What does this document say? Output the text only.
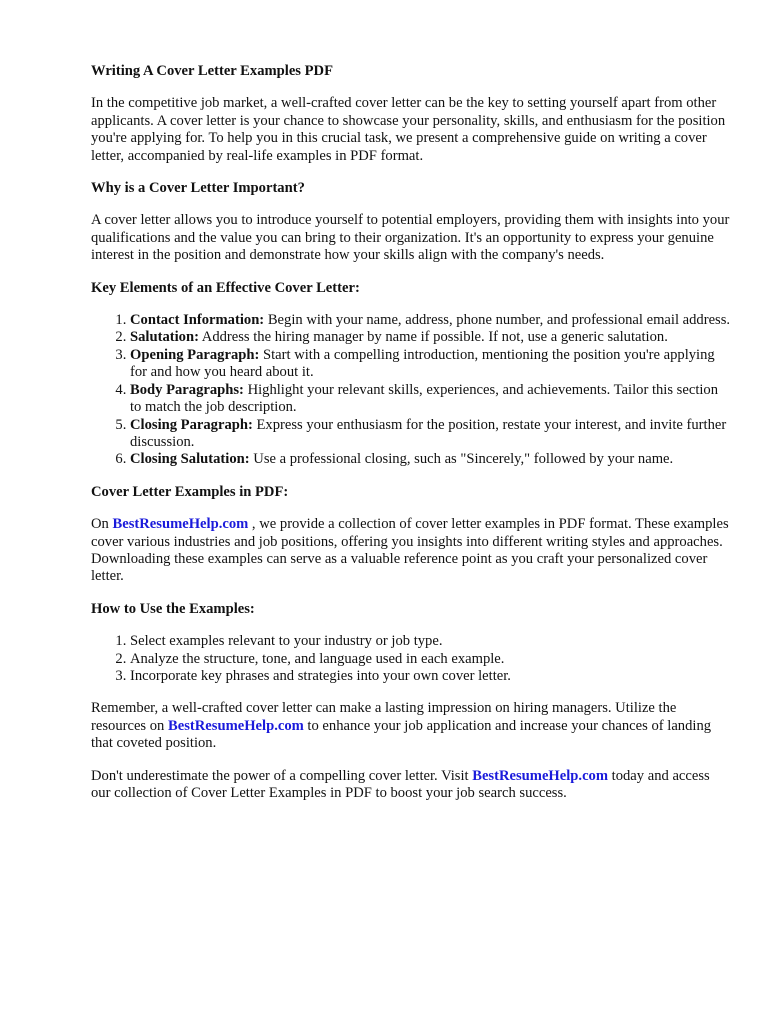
Writing A Cover Letter Examples PDF

In the competitive job market, a well-crafted cover letter can be the key to setting yourself apart from other applicants. A cover letter is your chance to showcase your personality, skills, and enthusiasm for the position you're applying for. To help you in this crucial task, we present a comprehensive guide on writing a cover letter, accompanied by real-life examples in PDF format.

Why is a Cover Letter Important?

A cover letter allows you to introduce yourself to potential employers, providing them with insights into your qualifications and the value you can bring to their organization. It's an opportunity to express your genuine interest in the position and demonstrate how your skills align with the company's needs.

Key Elements of an Effective Cover Letter:
1. Contact Information: Begin with your name, address, phone number, and professional email address.
2. Salutation: Address the hiring manager by name if possible. If not, use a generic salutation.
3. Opening Paragraph: Start with a compelling introduction, mentioning the position you're applying for and how you heard about it.
4. Body Paragraphs: Highlight your relevant skills, experiences, and achievements. Tailor this section to match the job description.
5. Closing Paragraph: Express your enthusiasm for the position, restate your interest, and invite further discussion.
6. Closing Salutation: Use a professional closing, such as "Sincerely," followed by your name.
Cover Letter Examples in PDF:

On BestResumeHelp.com , we provide a collection of cover letter examples in PDF format. These examples cover various industries and job positions, offering you insights into different writing styles and approaches. Downloading these examples can serve as a valuable reference point as you craft your personalized cover letter.

How to Use the Examples:
1. Select examples relevant to your industry or job type.
2. Analyze the structure, tone, and language used in each example.
3. Incorporate key phrases and strategies into your own cover letter.

Remember, a well-crafted cover letter can make a lasting impression on hiring managers. Utilize the resources on BestResumeHelp.com to enhance your job application and increase your chances of landing that coveted position.

Don't underestimate the power of a compelling cover letter. Visit BestResumeHelp.com today and access our collection of Cover Letter Examples in PDF to boost your job search success.
